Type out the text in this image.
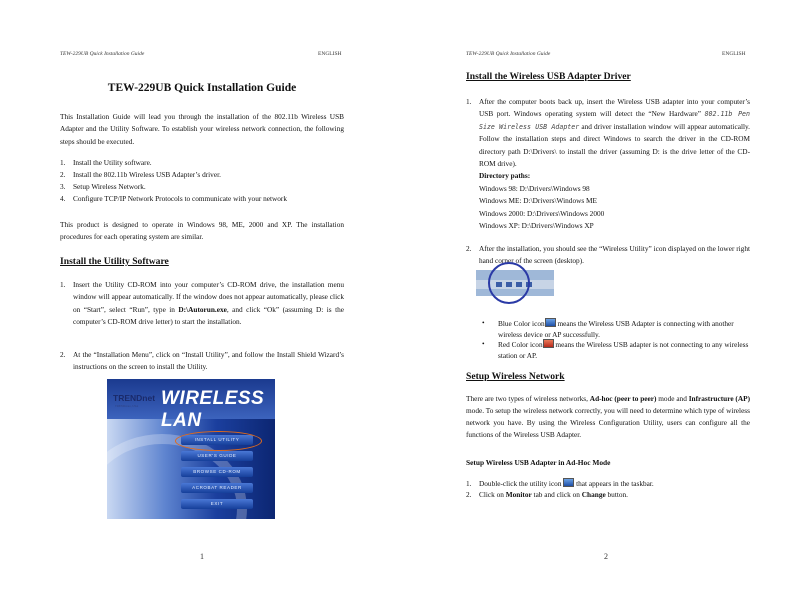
TEW-229UB Quick Installation Guide	ENGLISH
TEW-229UB Quick Installation Guide
This Installation Guide will lead you through the installation of the 802.11b Wireless USB Adapter and the Utility Software. To establish your wireless network connection, the following steps should be executed.
1. Install the Utility software.
2. Install the 802.11b Wireless USB Adapter’s driver.
3. Setup Wireless Network.
4. Configure TCP/IP Network Protocols to communicate with your network
This product is designed to operate in Windows 98, ME, 2000 and XP. The installation procedures for each operating system are similar.
Install the Utility Software
1. Insert the Utility CD-ROM into your computer’s CD-ROM drive, the installation menu window will appear automatically. If the window does not appear automatically, please click on “Start”, select “Run”, type in D:\Autorun.exe, and click “Ok” (assuming D: is the computer’s CD-ROM drive letter) to start the installation.
2. At the “Installation Menu”, click on “Install Utility”, and follow the Install Shield Wizard’s instructions on the screen to install the Utility.
TRENDnet
TRENDware, USA WIRELESS LAN
INSTALL UTILITY
USER'S GUIDE
BROWSE CD-ROM
ACROBAT READER
EXIT
1
TEW-229UB Quick Installation Guide	ENGLISH
Install the Wireless USB Adapter Driver
1. After the computer boots back up, insert the Wireless USB adapter into your computer’s USB port. Windows operating system will detect the “New Hardware” 802.11b Pen Size Wireless USB Adapter and driver installation window will appear automatically. Follow the installation steps and direct Windows to search the driver in the CD-ROM directory path D:\Drivers\ to install the driver (assuming D: is the drive letter of the CD-ROM drive).
Directory paths:
Windows 98: D:\Drivers\Windows 98
Windows ME: D:\Drivers\Windows ME
Windows 2000: D:\Drivers\Windows 2000
Windows XP: D:\Drivers\Windows XP
2. After the installation, you should see the “Wireless Utility” icon displayed on the lower right hand corner of the screen (desktop).
• Blue Color icon means the Wireless USB Adapter is connecting with another wireless device or AP successfully.
• Red Color icon means the Wireless USB adapter is not connecting to any wireless station or AP.
Setup Wireless Network
There are two types of wireless networks, Ad-hoc (peer to peer) mode and Infrastructure (AP) mode. To setup the wireless network correctly, you will need to determine which type of wireless network you have. By using the Wireless Configuration Utility, users can configure all the functions of the Wireless USB Adapter.
Setup Wireless USB Adapter in Ad-Hoc Mode
1. Double-click the utility icon  that appears in the taskbar.
2. Click on Monitor tab and click on Change button.
2
